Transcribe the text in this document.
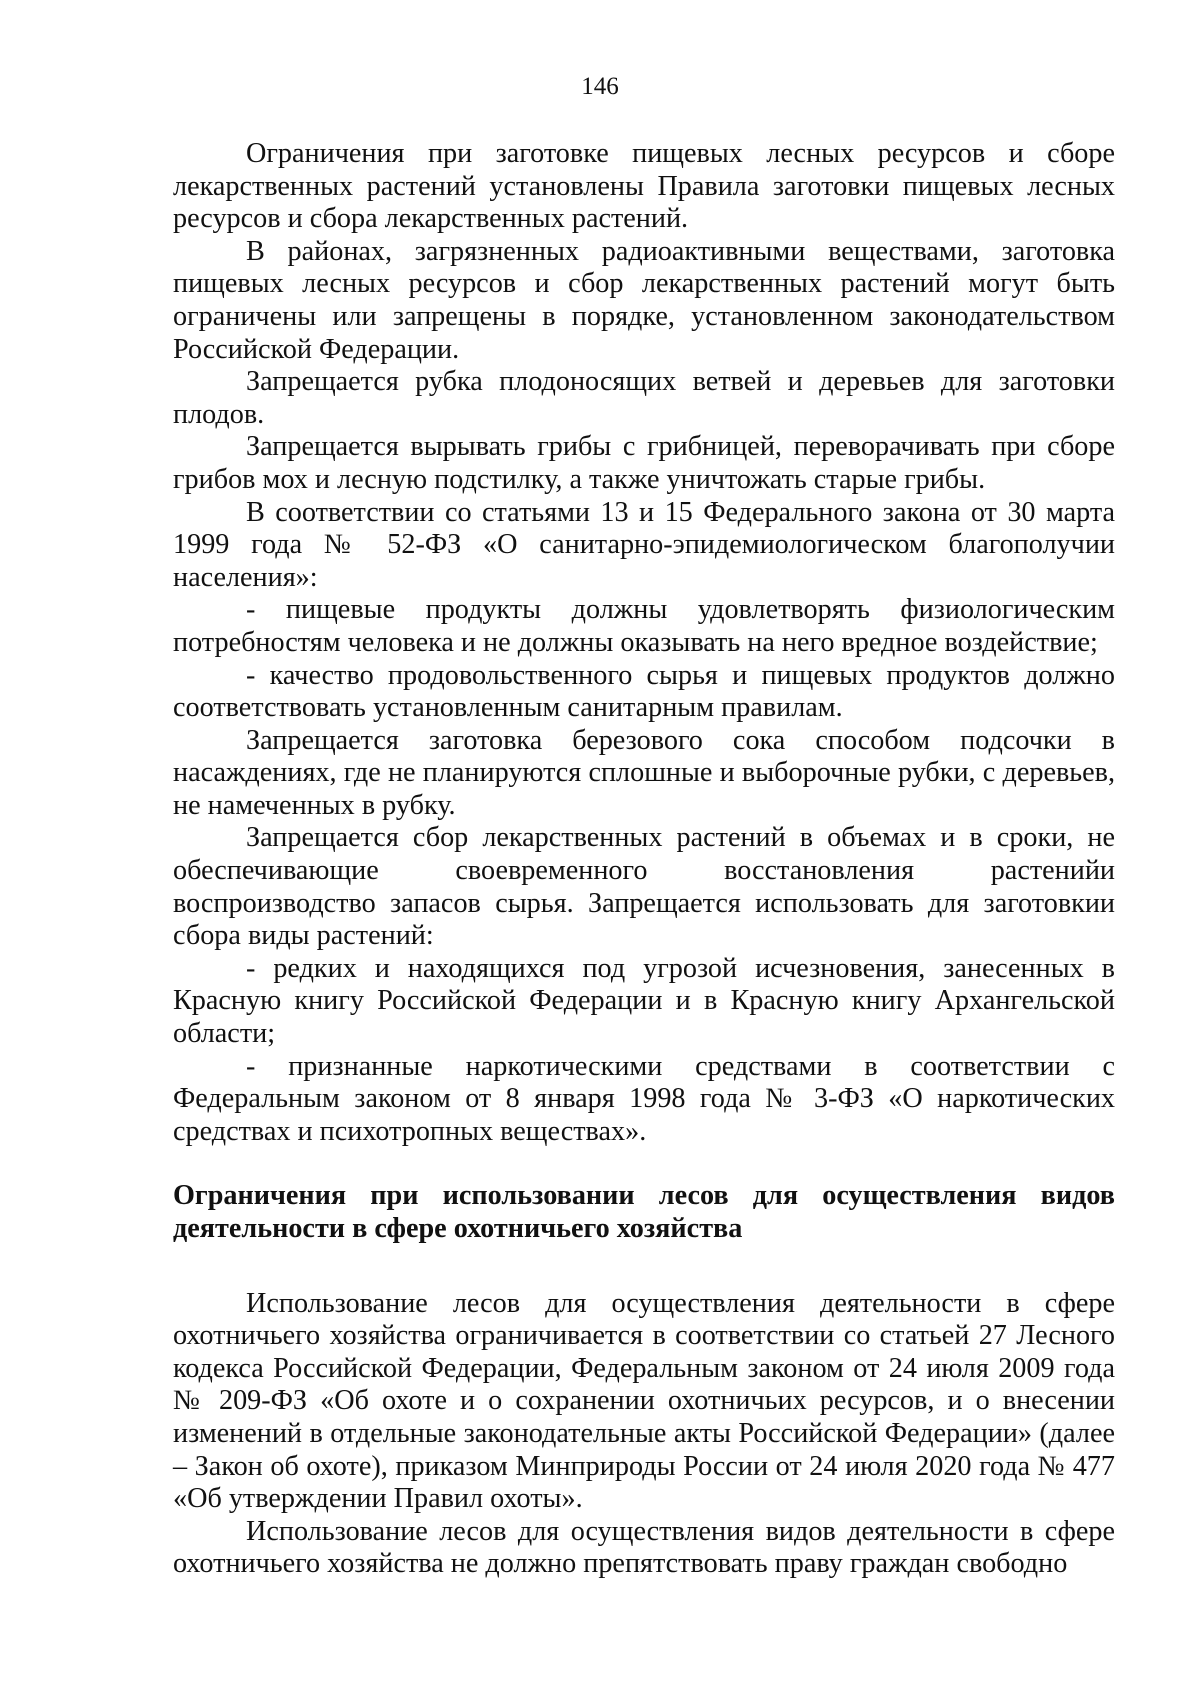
146

Ограничения при заготовке пищевых лесных ресурсов и сборе лекарственных растений установлены Правила заготовки пищевых лесных ресурсов и сбора лекарственных растений.

В районах, загрязненных радиоактивными веществами, заготовка пищевых лесных ресурсов и сбор лекарственных растений могут быть ограничены или запрещены в порядке, установленном законодательством Российской Федерации.

Запрещается рубка плодоносящих ветвей и деревьев для заготовки плодов.

Запрещается вырывать грибы с грибницей, переворачивать при сборе грибов мох и лесную подстилку, а также уничтожать старые грибы.

В соответствии со статьями 13 и 15 Федерального закона от 30 марта 1999 года № 52-ФЗ «О санитарно-эпидемиологическом благополучии населения»:

- пищевые продукты должны удовлетворять физиологическим потребностям человека и не должны оказывать на него вредное воздействие;

- качество продовольственного сырья и пищевых продуктов должно соответствовать установленным санитарным правилам.

Запрещается заготовка березового сока способом подсочки в насаждениях, где не планируются сплошные и выборочные рубки, с деревьев, не намеченных в рубку.

Запрещается сбор лекарственных растений в объемах и в сроки, не обеспечивающие своевременного восстановления растенийи воспроизводство запасов сырья. Запрещается использовать для заготовкии сбора виды растений:

- редких и находящихся под угрозой исчезновения, занесенных в Красную книгу Российской Федерации и в Красную книгу Архангельской области;

- признанные наркотическими средствами в соответствии с Федеральным законом от 8 января 1998 года № 3-ФЗ «О наркотических средствах и психотропных веществах».

Ограничения при использовании лесов для осуществления видов деятельности в сфере охотничьего хозяйства

Использование лесов для осуществления деятельности в сфере охотничьего хозяйства ограничивается в соответствии со статьей 27 Лесного кодекса Российской Федерации, Федеральным законом от 24 июля 2009 года № 209-ФЗ «Об охоте и о сохранении охотничьих ресурсов, и о внесении изменений в отдельные законодательные акты Российской Федерации» (далее – Закон об охоте), приказом Минприроды России от 24 июля 2020 года № 477 «Об утверждении Правил охоты».

Использование лесов для осуществления видов деятельности в сфере охотничьего хозяйства не должно препятствовать праву граждан свободно
